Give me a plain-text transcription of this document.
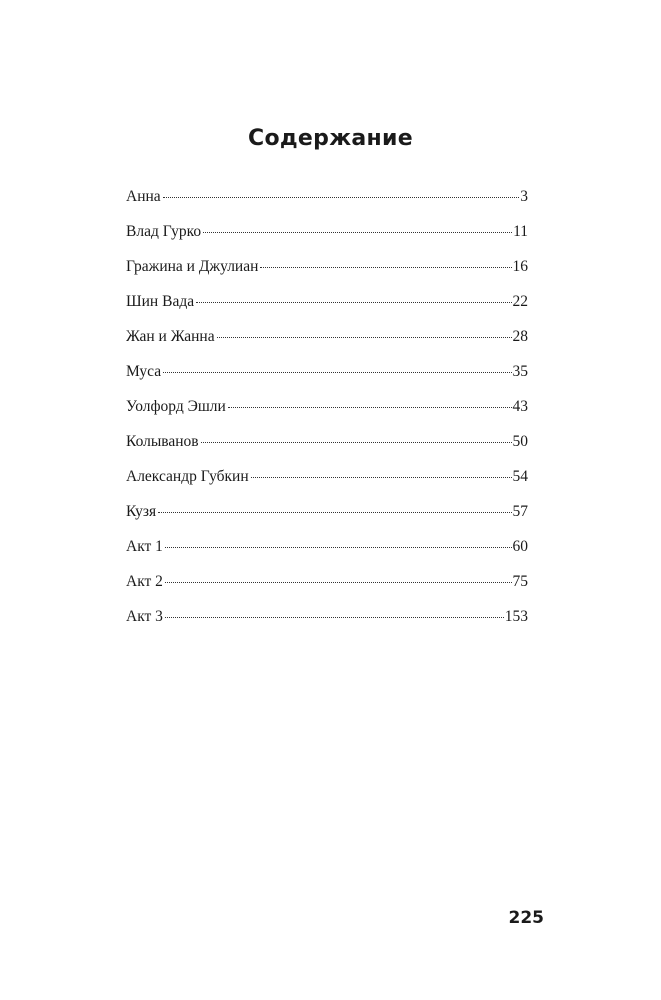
Содержание
Анна	3
Влад Гурко	11
Гражина и Джулиан	16
Шин Вада	22
Жан и Жанна	28
Муса	35
Уолфорд Эшли	43
Колыванов	50
Александр Губкин	54
Кузя	57
Акт 1	60
Акт 2	75
Акт 3	153
225
